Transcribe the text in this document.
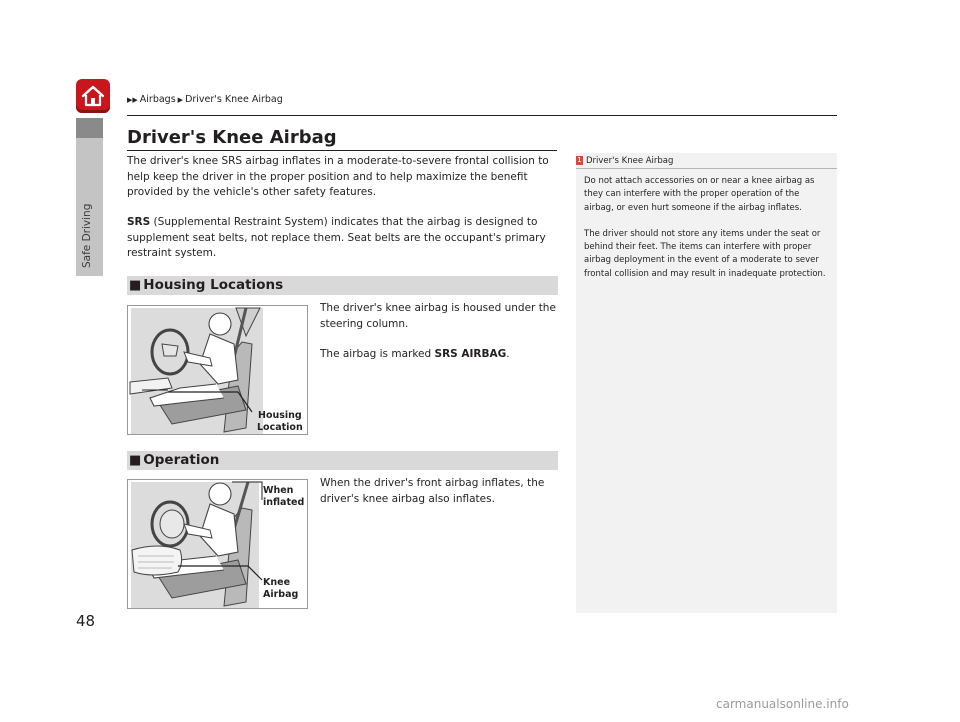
Safe Driving
▶▶ Airbags ▶ Driver's Knee Airbag
Driver's Knee Airbag

The driver's knee SRS airbag inflates in a moderate-to-severe frontal collision to help keep the driver in the proper position and to help maximize the benefit provided by the vehicle's other safety features.

SRS (Supplemental Restraint System) indicates that the airbag is designed to supplement seat belts, not replace them. Seat belts are the occupant's primary restraint system.

■ Housing Locations
Housing
Location

The driver's knee airbag is housed under the steering column.

The airbag is marked SRS AIRBAG.

■ Operation
When
inflated
Knee
Airbag

When the driver's front airbag inflates, the driver's knee airbag also inflates.

1 Driver's Knee Airbag

Do not attach accessories on or near a knee airbag as they can interfere with the proper operation of the airbag, or even hurt someone if the airbag inflates.

The driver should not store any items under the seat or behind their feet. The items can interfere with proper airbag deployment in the event of a moderate to sever frontal collision and may result in inadequate protection.

48

carmanualsonline.info
